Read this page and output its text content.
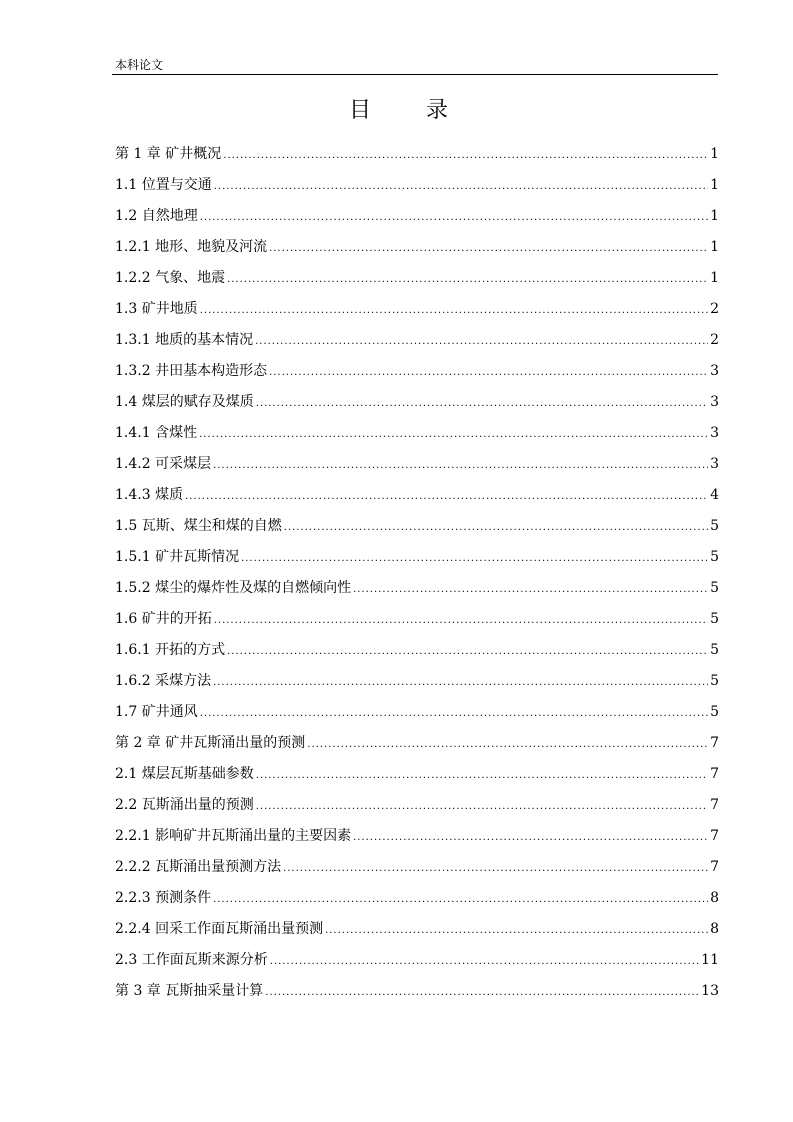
本科论文
目 录
第 1 章 矿井概况 .....	1
1.1 位置与交通 .....	1
1.2 自然地理 .....	1
1.2.1 地形、地貌及河流 .....	1
1.2.2 气象、地震 .....	1
1.3 矿井地质 .....	2
1.3.1 地质的基本情况 .....	2
1.3.2 井田基本构造形态 .....	3
1.4 煤层的赋存及煤质 .....	3
1.4.1 含煤性 .....	3
1.4.2 可采煤层 .....	3
1.4.3 煤质 .....	4
1.5 瓦斯、煤尘和煤的自燃 .....	5
1.5.1 矿井瓦斯情况 .....	5
1.5.2 煤尘的爆炸性及煤的自燃倾向性 .....	5
1.6 矿井的开拓 .....	5
1.6.1 开拓的方式 .....	5
1.6.2 采煤方法 .....	5
1.7 矿井通风 .....	5
第 2 章 矿井瓦斯涌出量的预测 .....	7
2.1 煤层瓦斯基础参数 .....	7
2.2 瓦斯涌出量的预测 .....	7
2.2.1 影响矿井瓦斯涌出量的主要因素 .....	7
2.2.2 瓦斯涌出量预测方法 .....	7
2.2.3 预测条件 .....	8
2.2.4 回采工作面瓦斯涌出量预测 .....	8
2.3 工作面瓦斯来源分析 .....	11
第 3 章 瓦斯抽采量计算 .....	13
